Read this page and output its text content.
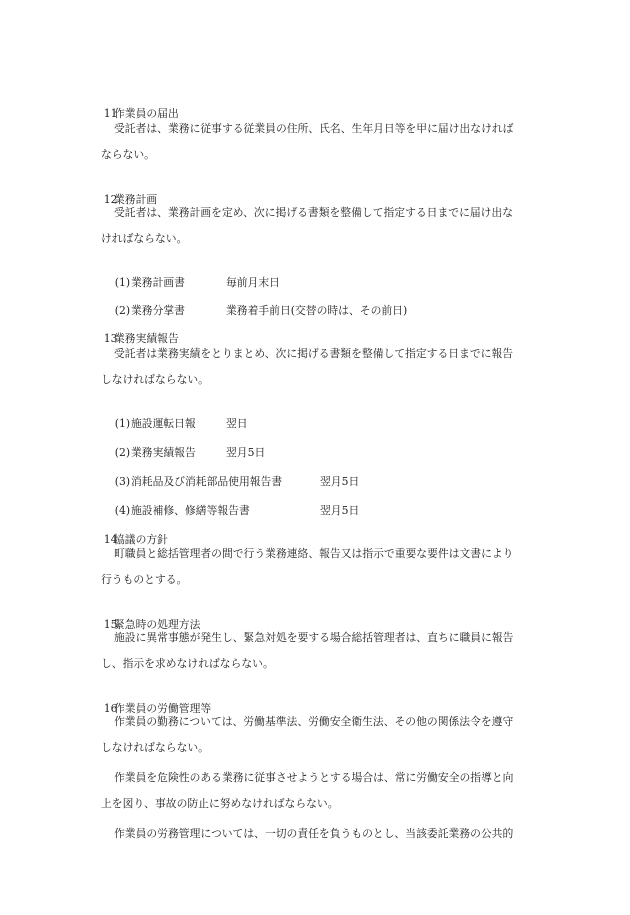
11
作業員の届出

受託者は、業務に従事する従業員の住所、氏名、生年月日等を甲に届け出なければ
ならない。

12
業務計画

受託者は、業務計画を定め、次に掲げる書類を整備して指定する日までに届け出な
ければならない。

(1) 業務計画書	毎前月末日

(2) 業務分掌書	業務着手前日(交替の時は、その前日)

13
業務実績報告

受託者は業務実績をとりまとめ、次に掲げる書類を整備して指定する日までに報告
しなければならない。

(1) 施設運転日報	翌日

(2) 業務実績報告	翌月5日

(3) 消耗品及び消耗部品使用報告書	翌月5日

(4) 施設補修、修繕等報告書	翌月5日

14
協議の方針

町職員と総括管理者の間で行う業務連絡、報告又は指示で重要な要件は文書により
行うものとする。

15
緊急時の処理方法

施設に異常事態が発生し、緊急対処を要する場合総括管理者は、直ちに職員に報告
し、指示を求めなければならない。

16
作業員の労働管理等

作業員の勤務については、労働基準法、労働安全衛生法、その他の関係法令を遵守
しなければならない。
作業員を危険性のある業務に従事させようとする場合は、常に労働安全の指導と向
上を図り、事故の防止に努めなければならない。
作業員の労務管理については、一切の責任を負うものとし、当該委託業務の公共的
